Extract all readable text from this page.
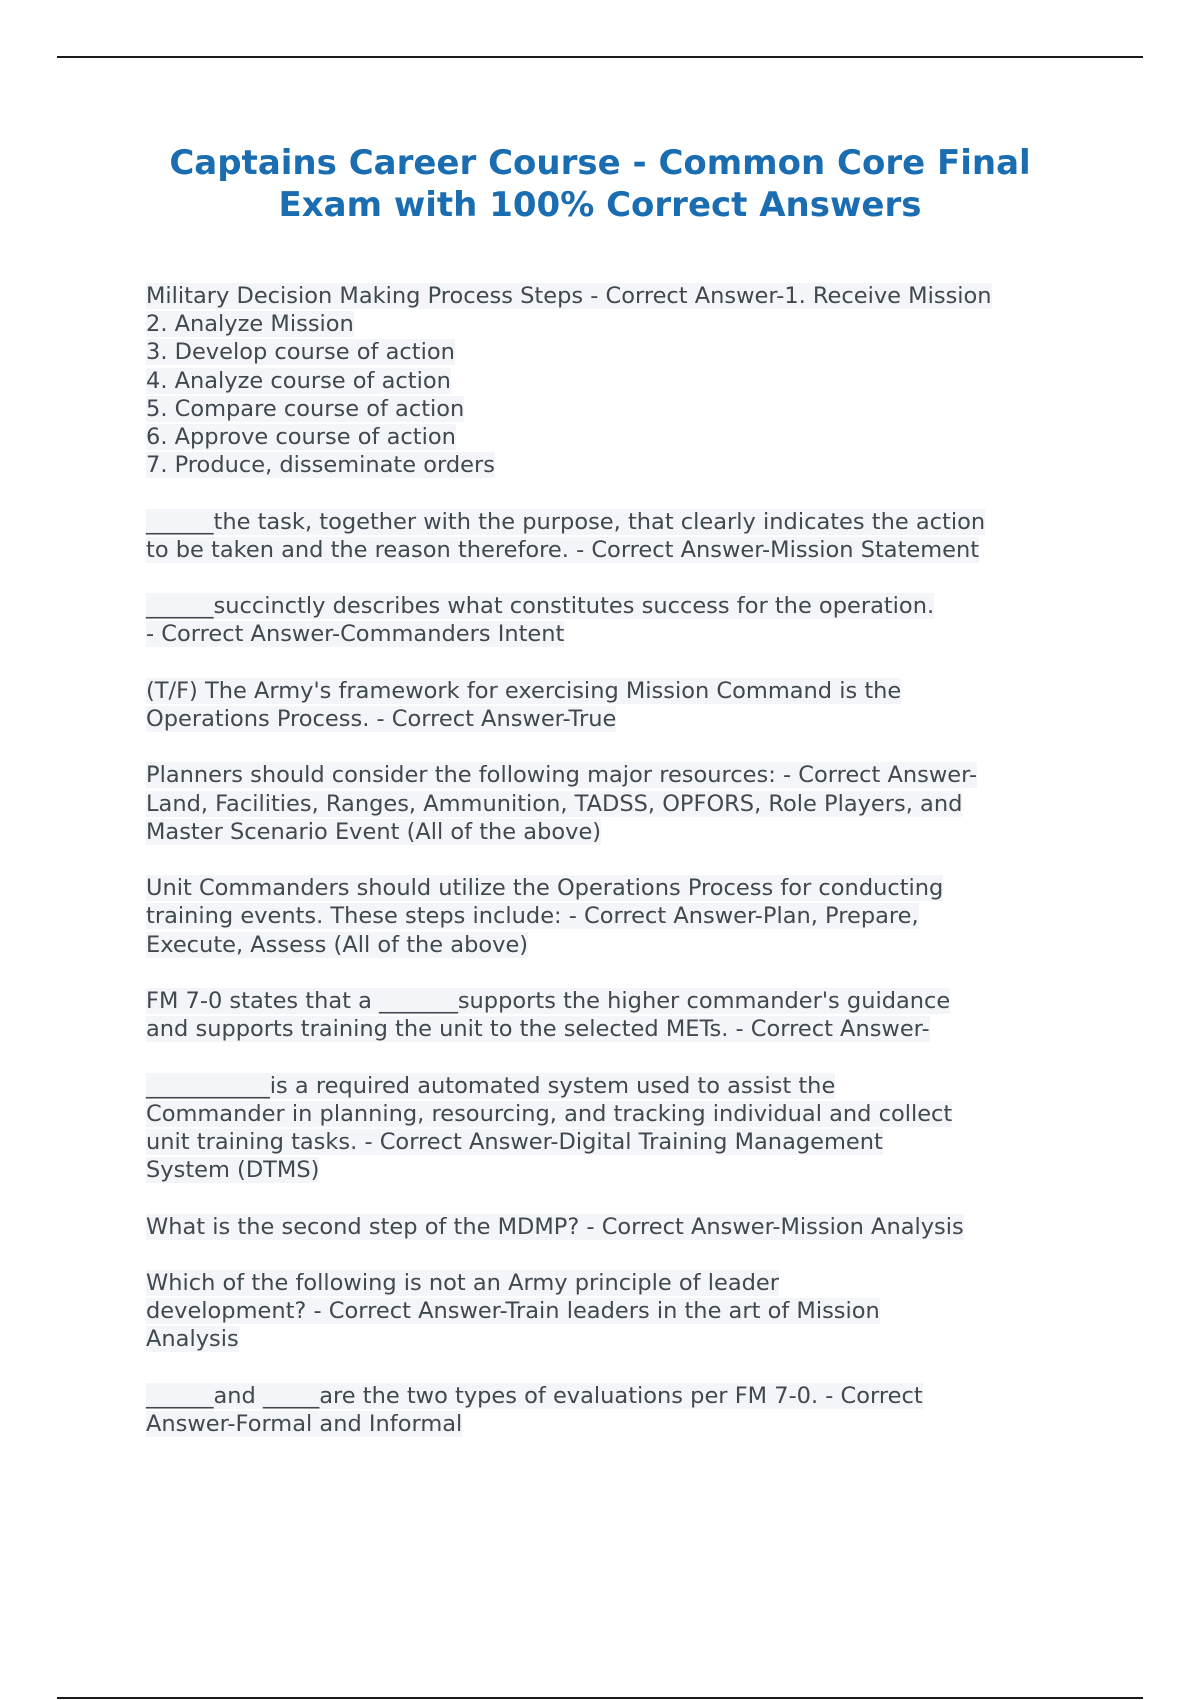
Captains Career Course - Common Core Final
Exam with 100% Correct Answers
Military Decision Making Process Steps - Correct Answer-1. Receive Mission
2. Analyze Mission
3. Develop course of action
4. Analyze course of action
5. Compare course of action
6. Approve course of action
7. Produce, disseminate orders
______the task, together with the purpose, that clearly indicates the action
to be taken and the reason therefore. - Correct Answer-Mission Statement
______succinctly describes what constitutes success for the operation.
- Correct Answer-Commanders Intent
(T/F) The Army's framework for exercising Mission Command is the
Operations Process. - Correct Answer-True
Planners should consider the following major resources: - Correct Answer-
Land, Facilities, Ranges, Ammunition, TADSS, OPFORS, Role Players, and
Master Scenario Event (All of the above)
Unit Commanders should utilize the Operations Process for conducting
training events. These steps include: - Correct Answer-Plan, Prepare,
Execute, Assess (All of the above)
FM 7-0 states that a _______supports the higher commander's guidance
and supports training the unit to the selected METs. - Correct Answer-
___________is a required automated system used to assist the
Commander in planning, resourcing, and tracking individual and collect
unit training tasks. - Correct Answer-Digital Training Management
System (DTMS)
What is the second step of the MDMP? - Correct Answer-Mission Analysis
Which of the following is not an Army principle of leader
development? - Correct Answer-Train leaders in the art of Mission
Analysis
______and _____are the two types of evaluations per FM 7-0. - Correct
Answer-Formal and Informal
